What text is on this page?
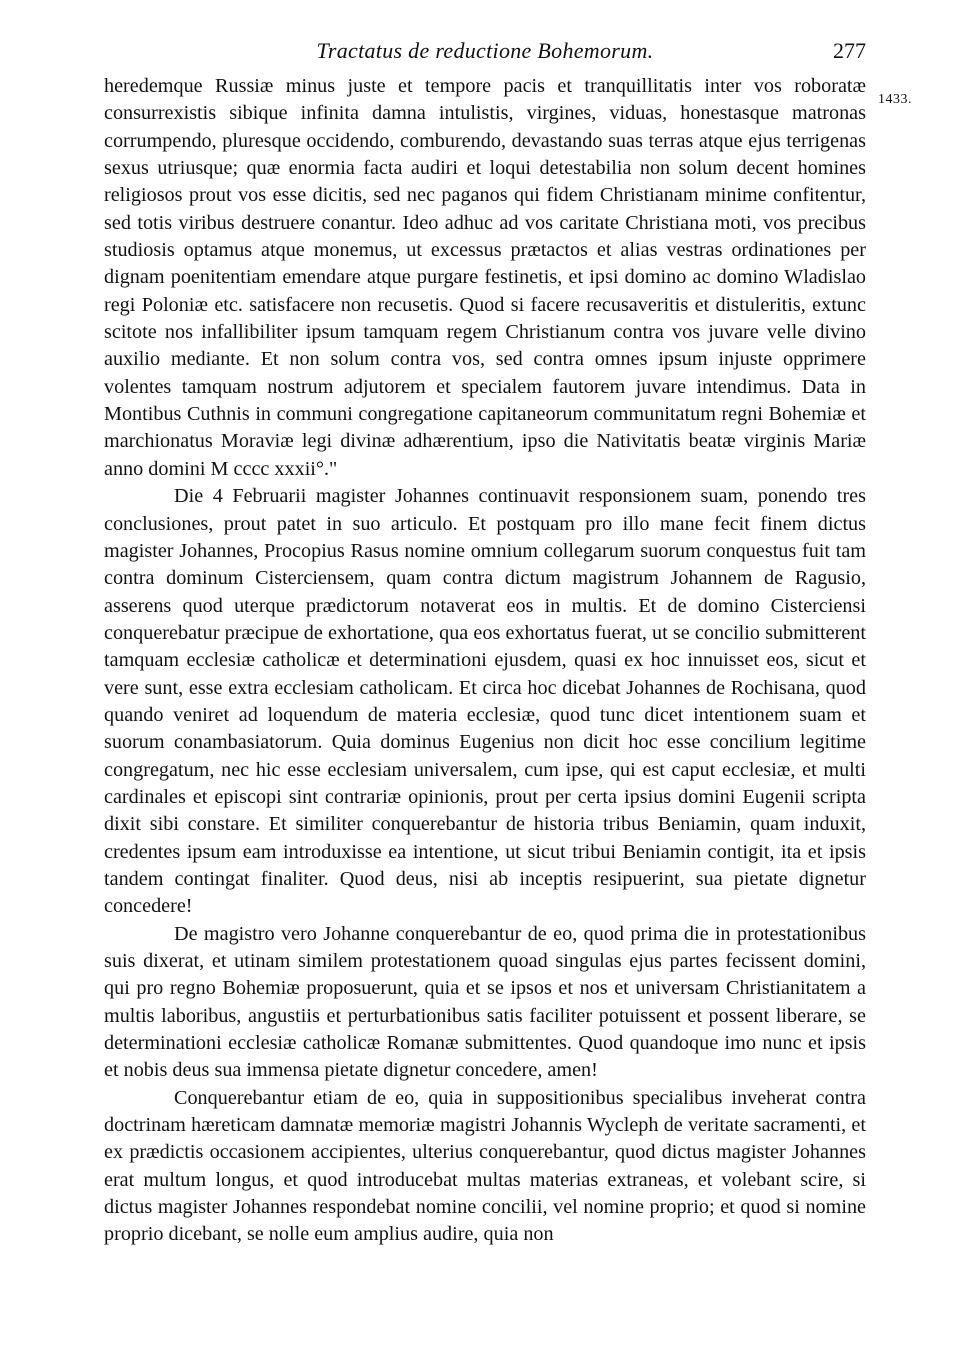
Tractatus de reductione Bohemorum.	277
1433.

heredemque Russiæ minus juste et tempore pacis et tranquillitatis inter vos roboratæ consurrexistis sibique infinita damna intulistis, virgines, viduas, honestasque matronas corrumpendo, pluresque occidendo, comburendo, devastando suas terras atque ejus terrigenas sexus utriusque; quæ enormia facta audiri et loqui detestabilia non solum decent homines religiosos prout vos esse dicitis, sed nec paganos qui fidem Christianam minime confitentur, sed totis viribus destruere conantur. Ideo adhuc ad vos caritate Christiana moti, vos precibus studiosis optamus atque monemus, ut excessus prætactos et alias vestras ordinationes per dignam poenitentiam emendare atque purgare festinetis, et ipsi domino ac domino Wladislao regi Poloniæ etc. satisfacere non recusetis. Quod si facere recusaveritis et distuleritis, extunc scitote nos infallibiliter ipsum tamquam regem Christianum contra vos juvare velle divino auxilio mediante. Et non solum contra vos, sed contra omnes ipsum injuste opprimere volentes tamquam nostrum adjutorem et specialem fautorem juvare intendimus. Data in Montibus Cuthnis in communi congregatione capitaneorum communitatum regni Bohemiæ et marchionatus Moraviæ legi divinæ adhærentium, ipso die Nativitatis beatæ virginis Mariæ anno domini M cccc xxxii°."

Die 4 Februarii magister Johannes continuavit responsionem suam, ponendo tres conclusiones, prout patet in suo articulo. Et postquam pro illo mane fecit finem dictus magister Johannes, Procopius Rasus nomine omnium collegarum suorum conquestus fuit tam contra dominum Cisterciensem, quam contra dictum magistrum Johannem de Ragusio, asserens quod uterque prædictorum notaverat eos in multis. Et de domino Cisterciensi conquerebatur præcipue de exhortatione, qua eos exhortatus fuerat, ut se concilio submitterent tamquam ecclesiæ catholicæ et determinationi ejusdem, quasi ex hoc innuisset eos, sicut et vere sunt, esse extra ecclesiam catholicam. Et circa hoc dicebat Johannes de Rochisana, quod quando veniret ad loquendum de materia ecclesiæ, quod tunc dicet intentionem suam et suorum conambasiatorum. Quia dominus Eugenius non dicit hoc esse concilium legitime congregatum, nec hic esse ecclesiam universalem, cum ipse, qui est caput ecclesiæ, et multi cardinales et episcopi sint contrariæ opinionis, prout per certa ipsius domini Eugenii scripta dixit sibi constare. Et similiter conquerebantur de historia tribus Beniamin, quam induxit, credentes ipsum eam introduxisse ea intentione, ut sicut tribui Beniamin contigit, ita et ipsis tandem contingat finaliter. Quod deus, nisi ab inceptis resipuerint, sua pietate dignetur concedere!

De magistro vero Johanne conquerebantur de eo, quod prima die in protestationibus suis dixerat, et utinam similem protestationem quoad singulas ejus partes fecissent domini, qui pro regno Bohemiæ proposuerunt, quia et se ipsos et nos et universam Christianitatem a multis laboribus, angustiis et perturbationibus satis faciliter potuissent et possent liberare, se determinationi ecclesiæ catholicæ Romanæ submittentes. Quod quandoque imo nunc et ipsis et nobis deus sua immensa pietate dignetur concedere, amen!

Conquerebantur etiam de eo, quia in suppositionibus specialibus inveherat contra doctrinam hæreticam damnatæ memoriæ magistri Johannis Wycleph de veritate sacramenti, et ex prædictis occasionem accipientes, ulterius conquerebantur, quod dictus magister Johannes erat multum longus, et quod introducebat multas materias extraneas, et volebant scire, si dictus magister Johannes respondebat nomine concilii, vel nomine proprio; et quod si nomine proprio dicebant, se nolle eum amplius audire, quia non
